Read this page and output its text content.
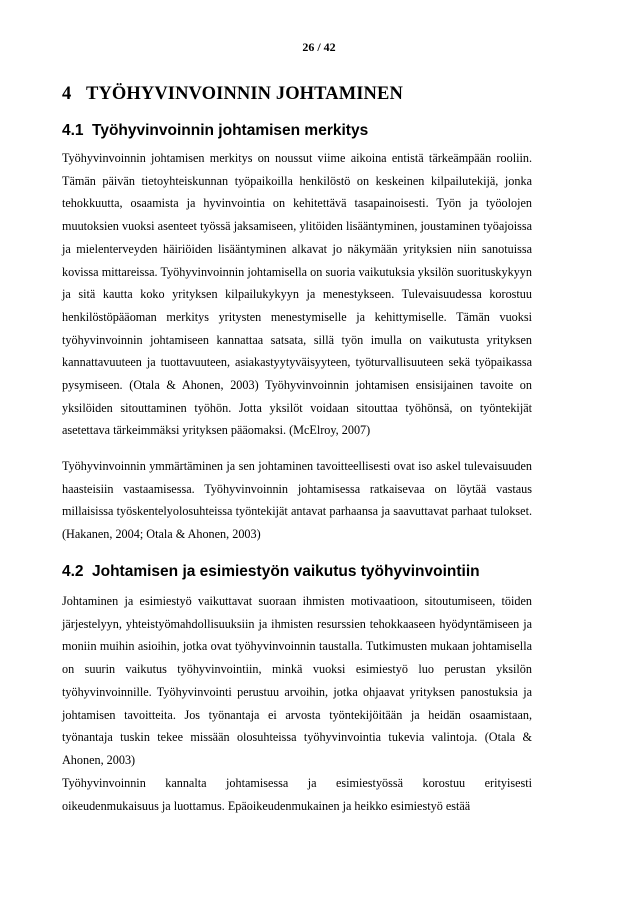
26 / 42
4 TYÖHYVINVOINNIN JOHTAMINEN
4.1 Työhyvinvoinnin johtamisen merkitys

Työhyvinvoinnin johtamisen merkitys on noussut viime aikoina entistä tärkeämpään rooliin. Tämän päivän tietoyhteiskunnan työpaikoilla henkilöstö on keskeinen kilpailutekijä, jonka tehokkuutta, osaamista ja hyvinvointia on kehitettävä tasapainoisesti. Työn ja työolojen muutoksien vuoksi asenteet työssä jaksamiseen, ylitöiden lisääntyminen, joustaminen työajoissa ja mielenterveyden häiriöiden lisääntyminen alkavat jo näkymään yrityksien niin sanotuissa kovissa mittareissa. Työhyvinvoinnin johtamisella on suoria vaikutuksia yksilön suorituskykyyn ja sitä kautta koko yrityksen kilpailukykyyn ja menestykseen. Tulevaisuudessa korostuu henkilöstöpääoman merkitys yritysten menestymiselle ja kehittymiselle. Tämän vuoksi työhyvinvoinnin johtamiseen kannattaa satsata, sillä työn imulla on vaikutusta yrityksen kannattavuuteen ja tuottavuuteen, asiakastyytyväisyyteen, työturvallisuuteen sekä työpaikassa pysymiseen. (Otala & Ahonen, 2003) Työhyvinvoinnin johtamisen ensisijainen tavoite on yksilöiden sitouttaminen työhön. Jotta yksilöt voidaan sitouttaa työhönsä, on työntekijät asetettava tärkeimmäksi yrityksen pääomaksi. (McElroy, 2007)

Työhyvinvoinnin ymmärtäminen ja sen johtaminen tavoitteellisesti ovat iso askel tulevaisuuden haasteisiin vastaamisessa. Työhyvinvoinnin johtamisessa ratkaisevaa on löytää vastaus millaisissa työskentelyolosuhteissa työntekijät antavat parhaansa ja saavuttavat parhaat tulokset. (Hakanen, 2004; Otala & Ahonen, 2003)

4.2 Johtamisen ja esimiestyön vaikutus työhyvinvointiin

Johtaminen ja esimiestyö vaikuttavat suoraan ihmisten motivaatioon, sitoutumiseen, töiden järjestelyyn, yhteistyömahdollisuuksiin ja ihmisten resurssien tehokkaaseen hyödyntämiseen ja moniin muihin asioihin, jotka ovat työhyvinvoinnin taustalla. Tutkimusten mukaan johtamisella on suurin vaikutus työhyvinvointiin, minkä vuoksi esimiestyö luo perustan yksilön työhyvinvoinnille. Työhyvinvointi perustuu arvoihin, jotka ohjaavat yrityksen panostuksia ja johtamisen tavoitteita. Jos työnantaja ei arvosta työntekijöitään ja heidän osaamistaan, työnantaja tuskin tekee missään olosuhteissa työhyvinvointia tukevia valintoja. (Otala & Ahonen, 2003)

Työhyvinvoinnin kannalta johtamisessa ja esimiestyössä korostuu erityisesti oikeudenmukaisuus ja luottamus. Epäoikeudenmukainen ja heikko esimiestyö estää
